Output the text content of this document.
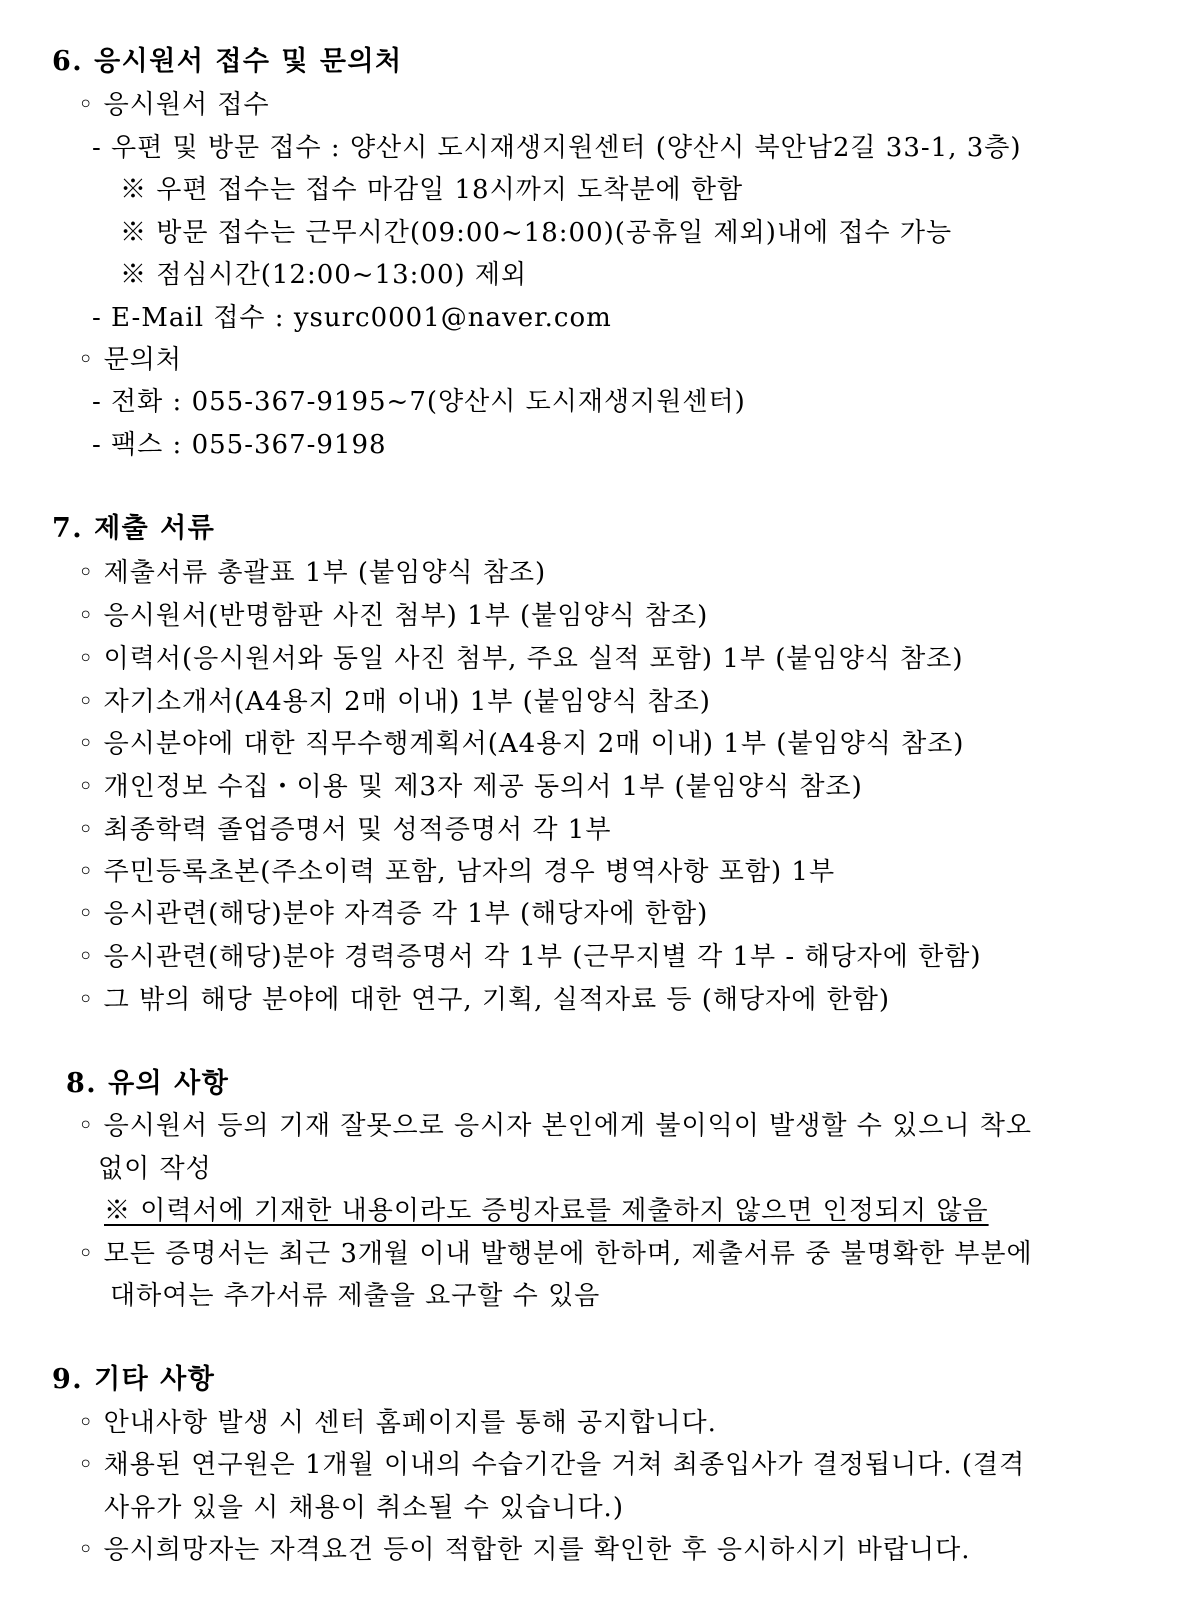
6. 응시원서 접수 및 문의처
◦ 응시원서 접수
- 우편 및 방문 접수 : 양산시 도시재생지원센터 (양산시 북안남2길 33-1, 3층)
※ 우편 접수는 접수 마감일 18시까지 도착분에 한함
※ 방문 접수는 근무시간(09:00~18:00)(공휴일 제외)내에 접수 가능
※ 점심시간(12:00~13:00) 제외
- E-Mail 접수 : ysurc0001@naver.com
◦ 문의처
- 전화 : 055-367-9195~7(양산시 도시재생지원센터)
- 팩스 : 055-367-9198
7. 제출 서류
◦ 제출서류 총괄표 1부 (붙임양식 참조)
◦ 응시원서(반명함판 사진 첨부) 1부 (붙임양식 참조)
◦ 이력서(응시원서와 동일 사진 첨부, 주요 실적 포함) 1부 (붙임양식 참조)
◦ 자기소개서(A4용지 2매 이내) 1부 (붙임양식 참조)
◦ 응시분야에 대한 직무수행계획서(A4용지 2매 이내) 1부 (붙임양식 참조)
◦ 개인정보 수집・이용 및 제3자 제공 동의서 1부 (붙임양식 참조)
◦ 최종학력 졸업증명서 및 성적증명서 각 1부
◦ 주민등록초본(주소이력 포함, 남자의 경우 병역사항 포함) 1부
◦ 응시관련(해당)분야 자격증 각 1부 (해당자에 한함)
◦ 응시관련(해당)분야 경력증명서 각 1부 (근무지별 각 1부 - 해당자에 한함)
◦ 그 밖의 해당 분야에 대한 연구, 기획, 실적자료 등 (해당자에 한함)
8. 유의 사항
◦ 응시원서 등의 기재 잘못으로 응시자 본인에게 불이익이 발생할 수 있으니 착오
없이 작성
※ 이력서에 기재한 내용이라도 증빙자료를 제출하지 않으면 인정되지 않음
◦ 모든 증명서는 최근 3개월 이내 발행분에 한하며, 제출서류 중 불명확한 부분에
대하여는 추가서류 제출을 요구할 수 있음
9. 기타 사항
◦ 안내사항 발생 시 센터 홈페이지를 통해 공지합니다.
◦ 채용된 연구원은 1개월 이내의 수습기간을 거쳐 최종입사가 결정됩니다. (결격
사유가 있을 시 채용이 취소될 수 있습니다.)
◦ 응시희망자는 자격요건 등이 적합한 지를 확인한 후 응시하시기 바랍니다.
